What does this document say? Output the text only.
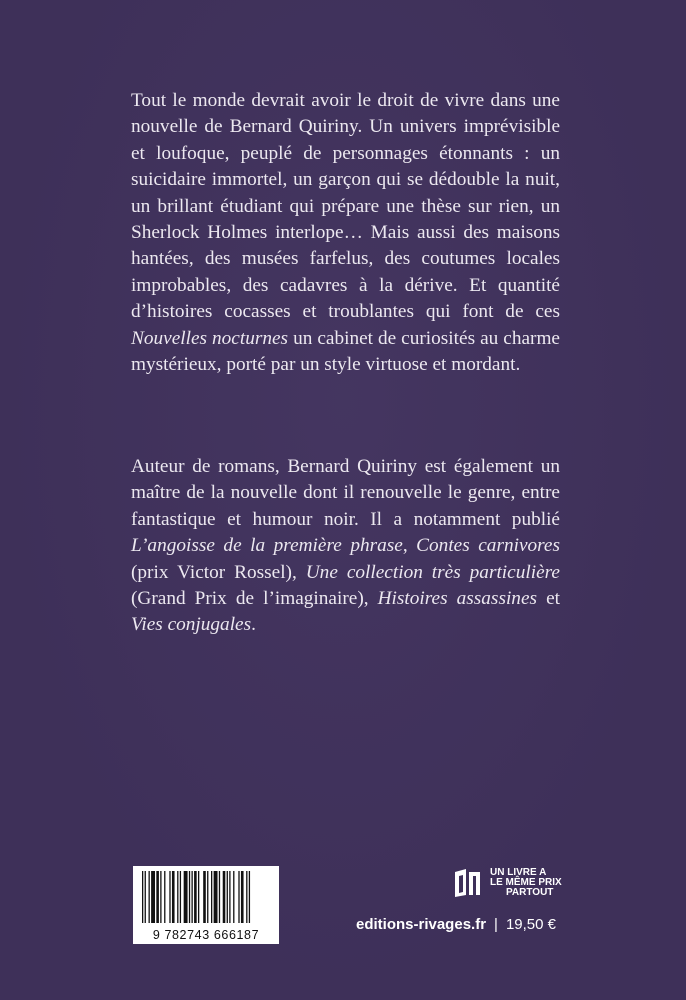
Tout le monde devrait avoir le droit de vivre dans une nouvelle de Bernard Quiriny. Un univers imprévisible et loufoque, peuplé de personnages étonnants : un suicidaire immortel, un garçon qui se dédouble la nuit, un brillant étudiant qui prépare une thèse sur rien, un Sherlock Holmes interlope… Mais aussi des maisons hantées, des musées farfelus, des coutumes locales improbables, des cadavres à la dérive. Et quantité d’histoires cocasses et troublantes qui font de ces Nouvelles nocturnes un cabinet de curiosités au charme mystérieux, porté par un style virtuose et mordant.

Auteur de romans, Bernard Quiriny est également un maître de la nouvelle dont il renouvelle le genre, entre fantastique et humour noir. Il a notamment publié L’angoisse de la première phrase, Contes carnivores (prix Victor Rossel), Une collection très particulière (Grand Prix de l’imaginaire), Histoires assassines et Vies conjugales.

9 782743 666187
UN LIVRE A
LE MÊME PRIX
PARTOUT
editions-rivages.fr | 19,50 €
